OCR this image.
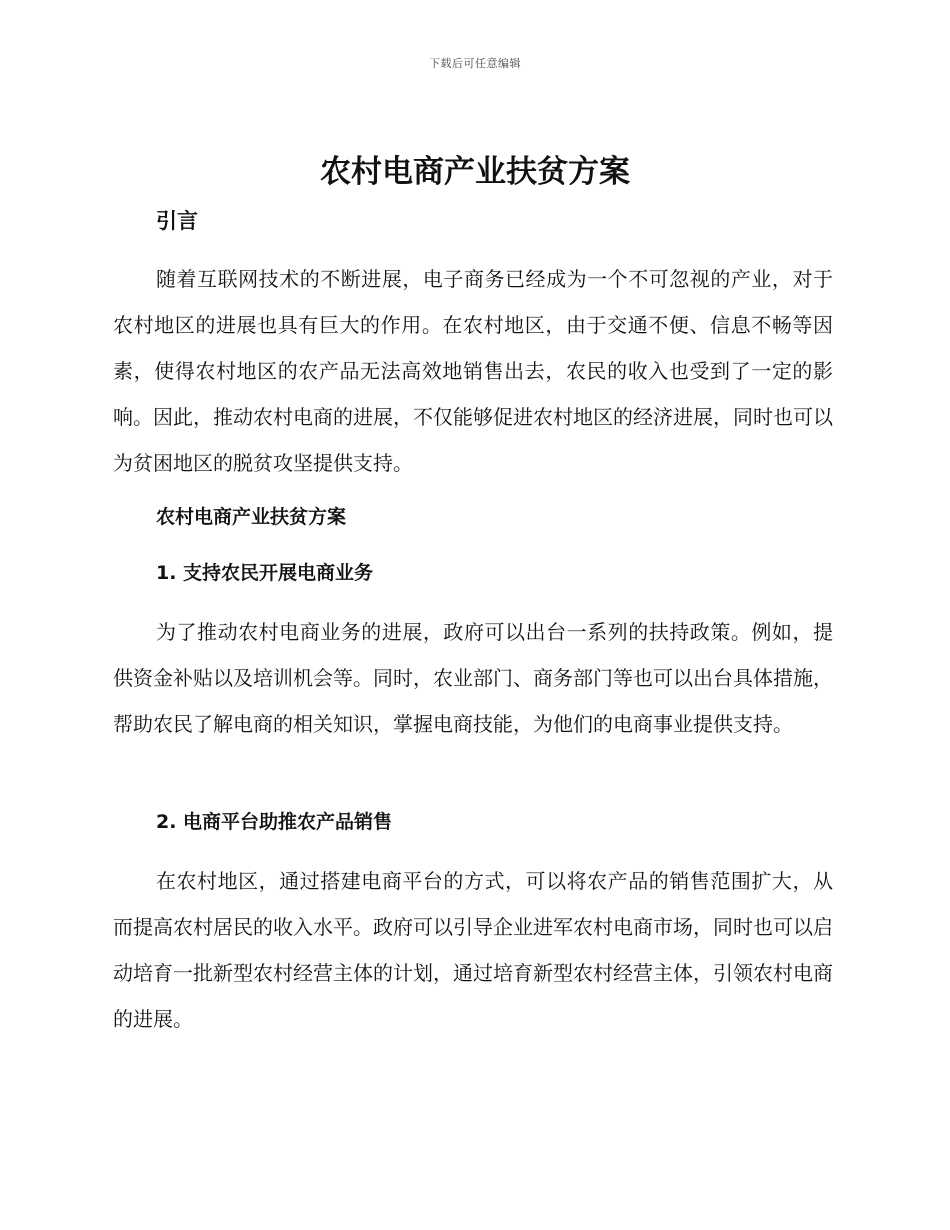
下载后可任意编辑
农村电商产业扶贫方案
引言

随着互联网技术的不断进展，电子商务已经成为一个不可忽视的产业，对于农村地区的进展也具有巨大的作用。在农村地区，由于交通不便、信息不畅等因素，使得农村地区的农产品无法高效地销售出去，农民的收入也受到了一定的影响。因此，推动农村电商的进展，不仅能够促进农村地区的经济进展，同时也可以为贫困地区的脱贫攻坚提供支持。

农村电商产业扶贫方案
1. 支持农民开展电商业务

为了推动农村电商业务的进展，政府可以出台一系列的扶持政策。例如，提供资金补贴以及培训机会等。同时，农业部门、商务部门等也可以出台具体措施，帮助农民了解电商的相关知识，掌握电商技能，为他们的电商事业提供支持。

2. 电商平台助推农产品销售

在农村地区，通过搭建电商平台的方式，可以将农产品的销售范围扩大，从而提高农村居民的收入水平。政府可以引导企业进军农村电商市场，同时也可以启动培育一批新型农村经营主体的计划，通过培育新型农村经营主体，引领农村电商的进展。
